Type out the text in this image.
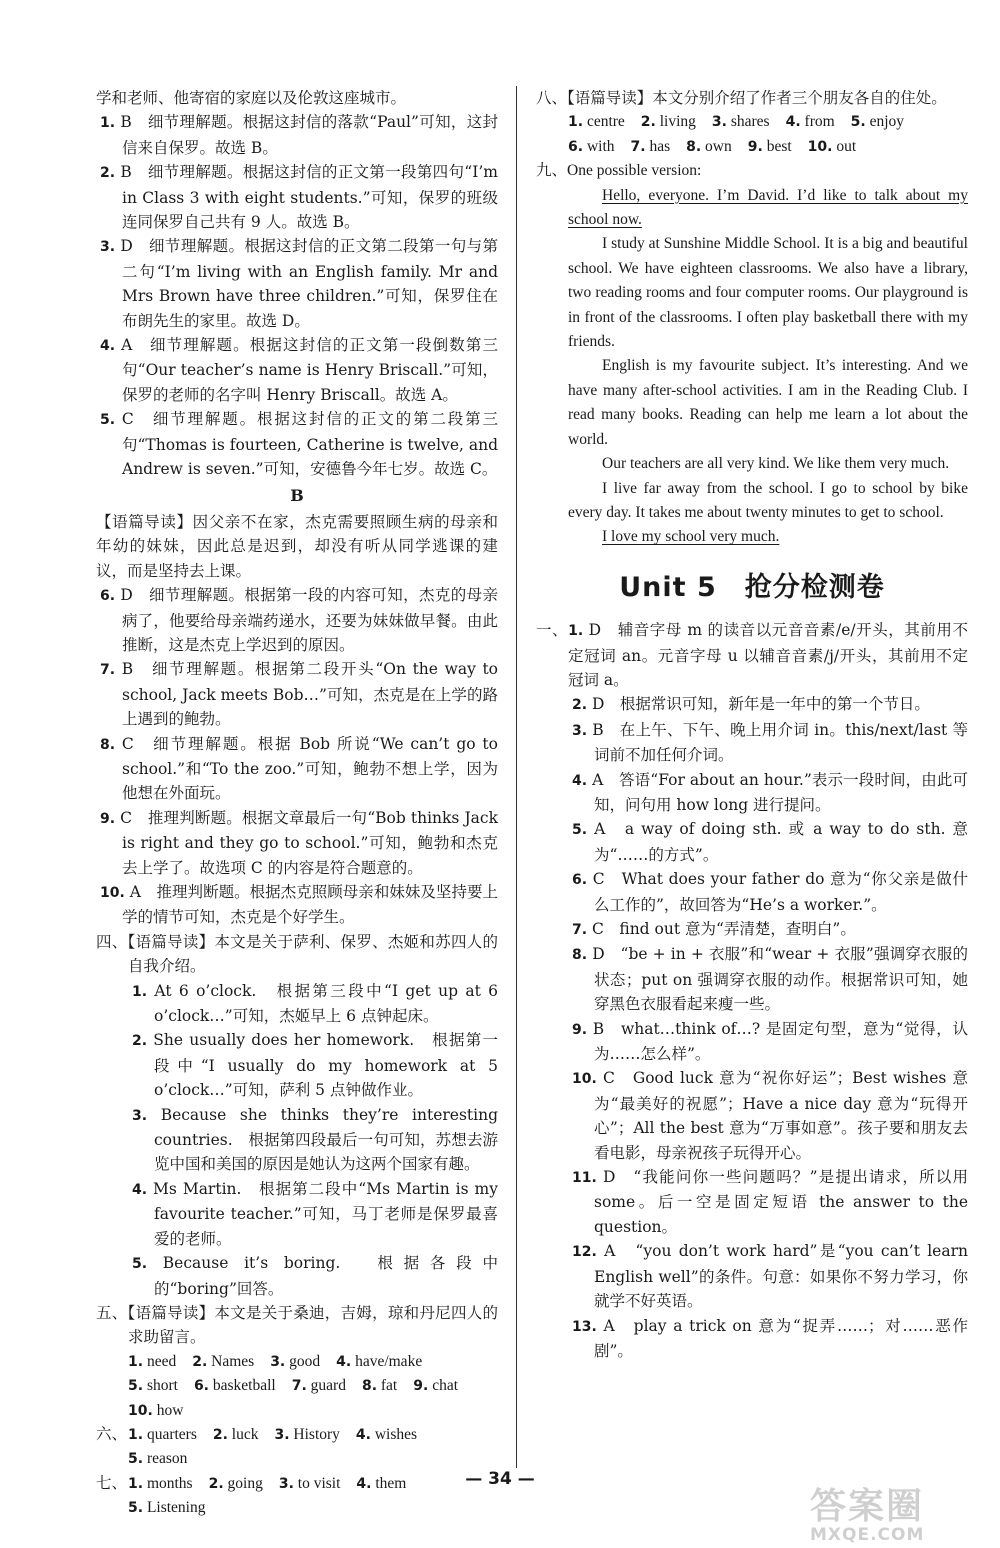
学和老师、他寄宿的家庭以及伦敦这座城市。

1. B　细节理解题。根据这封信的落款“Paul”可知，这封信来自保罗。故选 B。

2. B　细节理解题。根据这封信的正文第一段第四句“I’m in Class 3 with eight students.”可知，保罗的班级连同保罗自己共有 9 人。故选 B。

3. D　细节理解题。根据这封信的正文第二段第一句与第二句“I’m living with an English family. Mr and Mrs Brown have three children.”可知，保罗住在布朗先生的家里。故选 D。

4. A　细节理解题。根据这封信的正文第一段倒数第三句“Our teacher’s name is Henry Briscall.”可知，保罗的老师的名字叫 Henry Briscall。故选 A。

5. C　细节理解题。根据这封信的正文的第二段第三句“Thomas is fourteen, Catherine is twelve, and Andrew is seven.”可知，安德鲁今年七岁。故选 C。

B

【语篇导读】因父亲不在家，杰克需要照顾生病的母亲和年幼的妹妹，因此总是迟到，却没有听从同学逃课的建议，而是坚持去上课。

6. D　细节理解题。根据第一段的内容可知，杰克的母亲病了，他要给母亲端药递水，还要为妹妹做早餐。由此推断，这是杰克上学迟到的原因。

7. B　细节理解题。根据第二段开头“On the way to school, Jack meets Bob…”可知，杰克是在上学的路上遇到的鲍勃。

8. C　细节理解题。根据 Bob 所说“We can’t go to school.”和“To the zoo.”可知，鲍勃不想上学，因为他想在外面玩。

9. C　推理判断题。根据文章最后一句“Bob thinks Jack is right and they go to school.”可知，鲍勃和杰克去上学了。故选项 C 的内容是符合题意的。

10. A　推理判断题。根据杰克照顾母亲和妹妹及坚持要上学的情节可知，杰克是个好学生。

四、【语篇导读】本文是关于萨利、保罗、杰姬和苏四人的自我介绍。

1. At 6 o’clock.　根据第三段中“I get up at 6 o’clock…”可知，杰姬早上 6 点钟起床。

2. She usually does her homework.　根据第一段中“I usually do my homework at 5 o’clock…”可知，萨利 5 点钟做作业。

3. Because she thinks they’re interesting countries.　根据第四段最后一句可知，苏想去游览中国和美国的原因是她认为这两个国家有趣。

4. Ms Martin.　根据第二段中“Ms Martin is my favourite teacher.”可知，马丁老师是保罗最喜爱的老师。

5. Because it’s boring.　根据各段中的“boring”回答。

五、【语篇导读】本文是关于桑迪，吉姆，琼和丹尼四人的求助留言。

1. need 2. Names 3. good 4. have/make
5. short 6. basketball 7. guard 8. fat 9. chat
10. how
六、1. quarters 2. luck 3. History 4. wishes
5. reason
七、1. months 2. going 3. to visit 4. them
5. Listening

八、【语篇导读】本文分别介绍了作者三个朋友各自的住处。

1. centre 2. living 3. shares 4. from 5. enjoy
6. with 7. has 8. own 9. best 10. out

九、One possible version:

Hello, everyone. I’m David. I’d like to talk about my school now.

I study at Sunshine Middle School. It is a big and beautiful school. We have eighteen classrooms. We also have a library, two reading rooms and four computer rooms. Our playground is in front of the classrooms. I often play basketball there with my friends.

English is my favourite subject. It’s interesting. And we have many after-school activities. I am in the Reading Club. I read many books. Reading can help me learn a lot about the world.

Our teachers are all very kind. We like them very much.

I live far away from the school. I go to school by bike every day. It takes me about twenty minutes to get to school.

I love my school very much.

Unit 5　抢分检测卷

一、1. D　辅音字母 m 的读音以元音音素/e/开头，其前用不定冠词 an。元音字母 u 以辅音音素/j/开头，其前用不定冠词 a。

2. D　根据常识可知，新年是一年中的第一个节日。

3. B　在上午、下午、晚上用介词 in。this/next/last 等词前不加任何介词。

4. A　答语“For about an hour.”表示一段时间，由此可知，问句用 how long 进行提问。

5. A　a way of doing sth. 或 a way to do sth. 意为“……的方式”。

6. C　What does your father do 意为“你父亲是做什么工作的”，故回答为“He’s a worker.”。

7. C　find out 意为“弄清楚，查明白”。

8. D　“be + in + 衣服”和“wear + 衣服”强调穿衣服的状态；put on 强调穿衣服的动作。根据常识可知，她穿黑色衣服看起来瘦一些。

9. B　what…think of…? 是固定句型，意为“觉得，认为……怎么样”。

10. C　Good luck 意为“祝你好运”；Best wishes 意为“最美好的祝愿”；Have a nice day 意为“玩得开心”；All the best 意为“万事如意”。孩子要和朋友去看电影，母亲祝孩子玩得开心。

11. D　“我能问你一些问题吗？”是提出请求，所以用 some。后一空是固定短语 the answer to the question。

12. A　“you don’t work hard”是“you can’t learn English well”的条件。句意：如果你不努力学习，你就学不好英语。

13. A　play a trick on 意为“捉弄……；对……恶作剧”。

— 34 —
答案圈
MXQE.COM
